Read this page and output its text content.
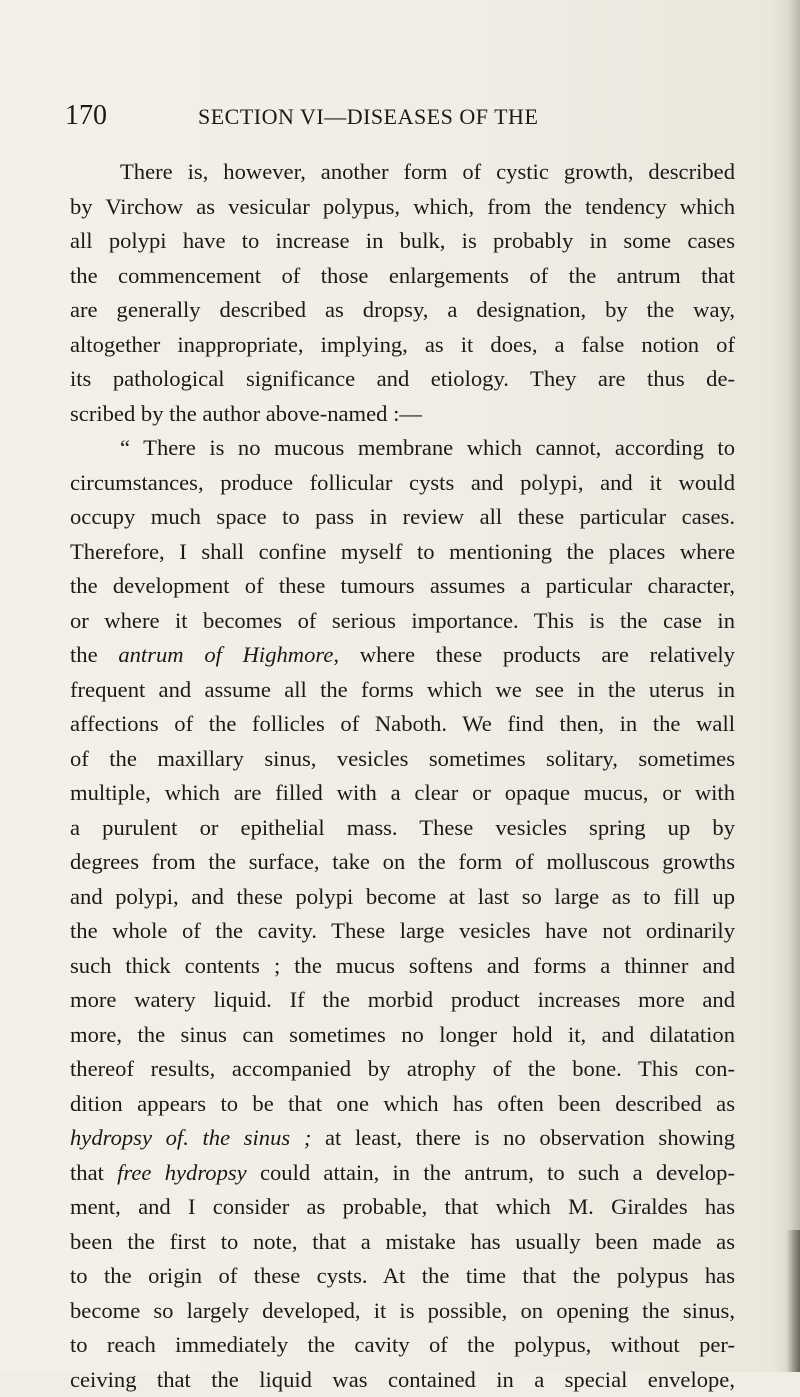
170	SECTION VI—DISEASES OF THE
There is, however, another form of cystic growth, described
by Virchow as vesicular polypus, which, from the tendency which
all polypi have to increase in bulk, is probably in some cases
the commencement of those enlargements of the antrum that
are generally described as dropsy, a designation, by the way,
altogether inappropriate, implying, as it does, a false notion of
its pathological significance and etiology. They are thus de-
scribed by the author above-named :—
“ There is no mucous membrane which cannot, according to
circumstances, produce follicular cysts and polypi, and it would
occupy much space to pass in review all these particular cases.
Therefore, I shall confine myself to mentioning the places where
the development of these tumours assumes a particular character,
or where it becomes of serious importance. This is the case in
the antrum of Highmore, where these products are relatively
frequent and assume all the forms which we see in the uterus in
affections of the follicles of Naboth. We find then, in the wall
of the maxillary sinus, vesicles sometimes solitary, sometimes
multiple, which are filled with a clear or opaque mucus, or with
a purulent or epithelial mass. These vesicles spring up by
degrees from the surface, take on the form of molluscous growths
and polypi, and these polypi become at last so large as to fill up
the whole of the cavity. These large vesicles have not ordinarily
such thick contents ; the mucus softens and forms a thinner and
more watery liquid. If the morbid product increases more and
more, the sinus can sometimes no longer hold it, and dilatation
thereof results, accompanied by atrophy of the bone. This con-
dition appears to be that one which has often been described as
hydropsy of. the sinus ; at least, there is no observation showing
that free hydropsy could attain, in the antrum, to such a develop-
ment, and I consider as probable, that which M. Giraldes has
been the first to note, that a mistake has usually been made as
to the origin of these cysts. At the time that the polypus has
become so largely developed, it is possible, on opening the sinus,
to reach immediately the cavity of the polypus, without per-
ceiving that the liquid was contained in a special envelope,
